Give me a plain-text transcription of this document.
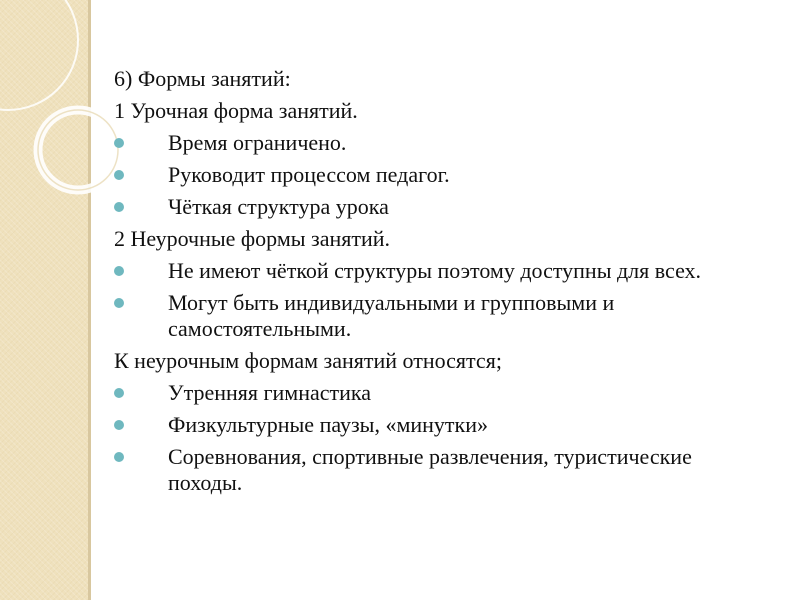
6) Формы занятий:
1 Урочная форма занятий.
Время ограничено.
Руководит процессом педагог.
Чёткая структура урока
2 Неурочные формы занятий.
Не имеют чёткой структуры поэтому доступны для всех.
Могут быть индивидуальными и групповыми и самостоятельными.
К неурочным формам занятий относятся;
Утренняя гимнастика
Физкультурные паузы, «минутки»
Соревнования, спортивные развлечения, туристические походы.
